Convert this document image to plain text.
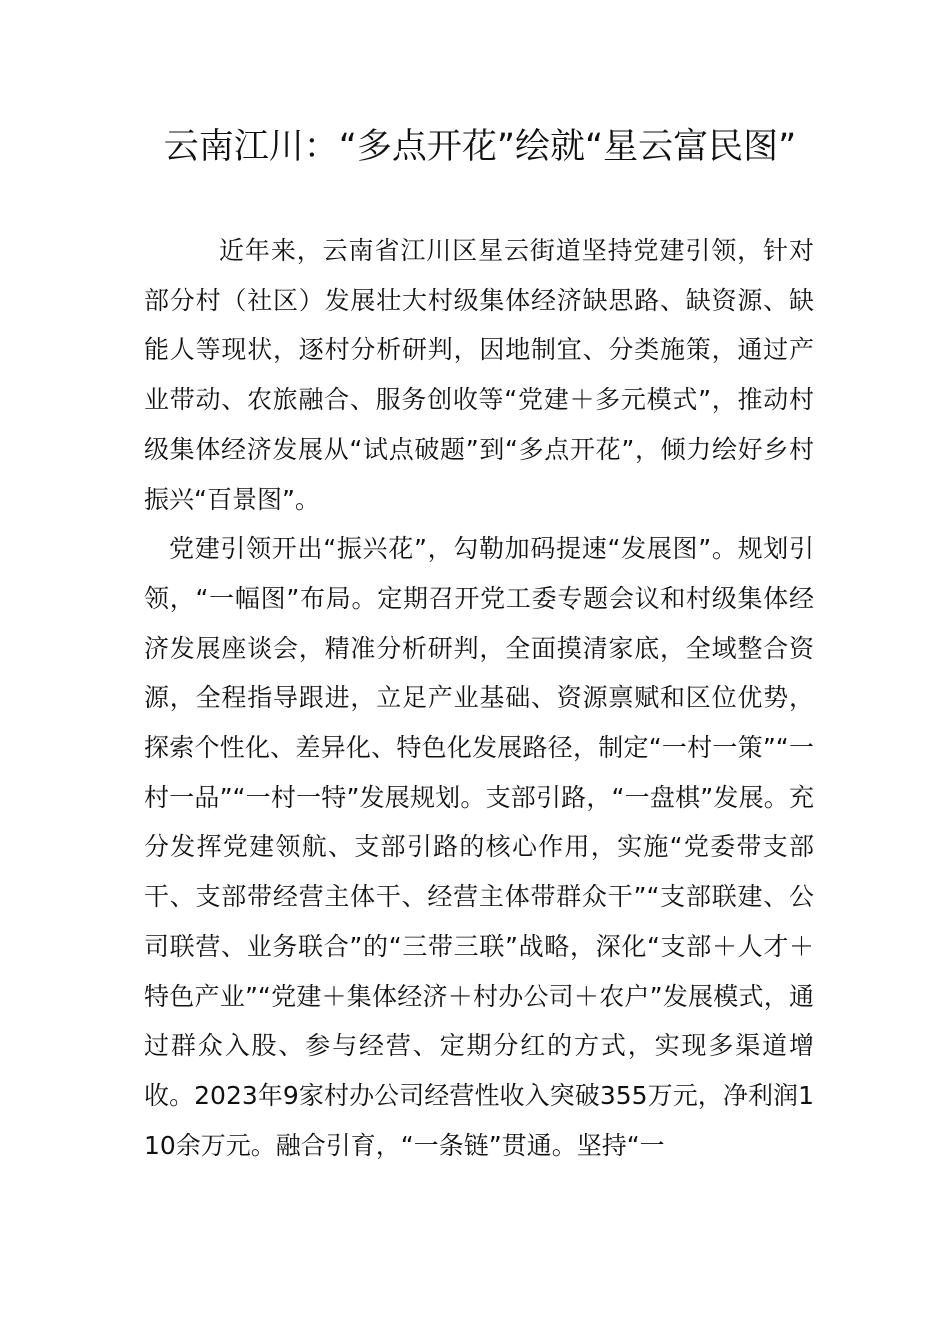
云南江川：“多点开花”绘就“星云富民图”

近年来，云南省江川区星云街道坚持党建引领，针对部分村（社区）发展壮大村级集体经济缺思路、缺资源、缺能人等现状，逐村分析研判，因地制宜、分类施策，通过产业带动、农旅融合、服务创收等“党建＋多元模式”，推动村级集体经济发展从“试点破题”到“多点开花”，倾力绘好乡村振兴“百景图”。

党建引领开出“振兴花”，勾勒加码提速“发展图”。规划引领，“一幅图”布局。定期召开党工委专题会议和村级集体经济发展座谈会，精准分析研判，全面摸清家底，全域整合资源，全程指导跟进，立足产业基础、资源禀赋和区位优势，探索个性化、差异化、特色化发展路径，制定“一村一策”“一村一品”“一村一特”发展规划。支部引路，“一盘棋”发展。充分发挥党建领航、支部引路的核心作用，实施“党委带支部干、支部带经营主体干、经营主体带群众干”“支部联建、公司联营、业务联合”的“三带三联”战略，深化“支部＋人才＋特色产业”“党建＋集体经济＋村办公司＋农户”发展模式，通过群众入股、参与经营、定期分红的方式，实现多渠道增收。2023年9家村办公司经营性收入突破355万元，净利润110余万元。融合引育，“一条链”贯通。坚持“一
